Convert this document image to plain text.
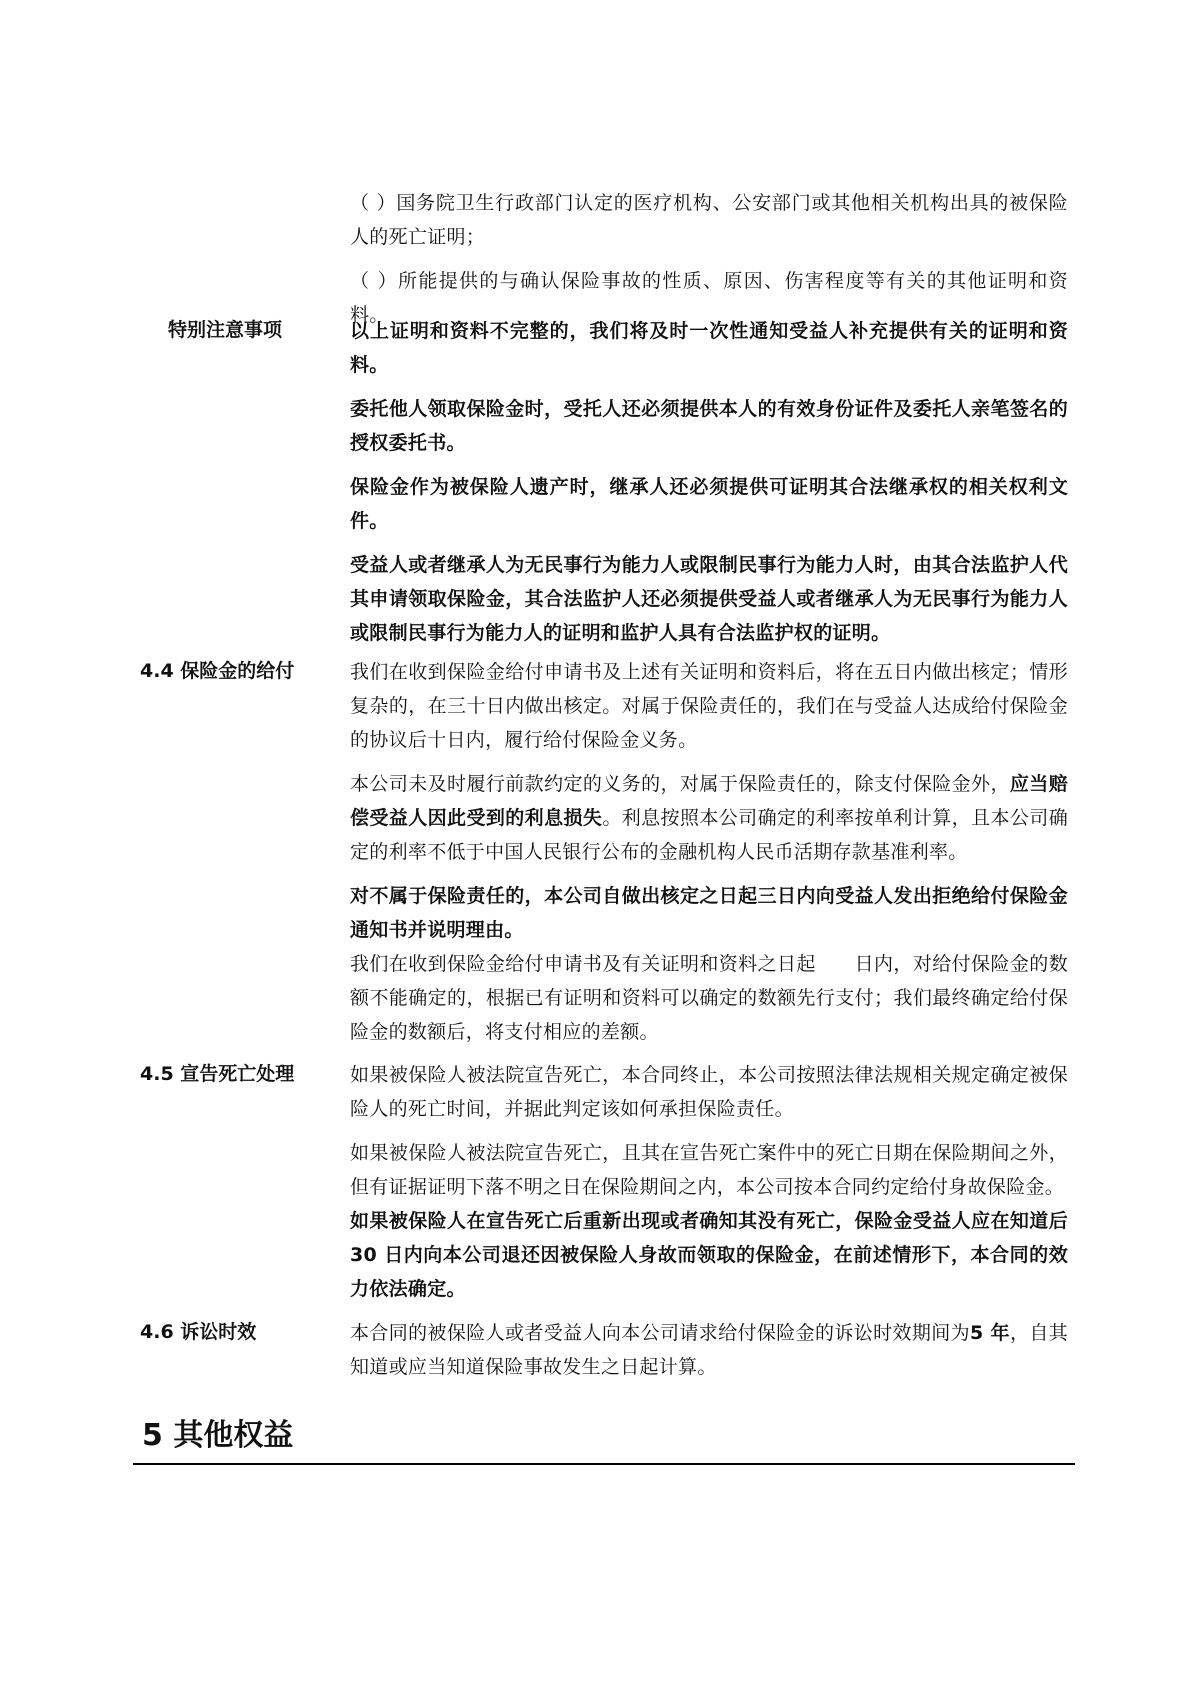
（ ）国务院卫生行政部门认定的医疗机构、公安部门或其他相关机构出具的被保险人的死亡证明；

（ ）所能提供的与确认保险事故的性质、原因、伤害程度等有关的其他证明和资料。

特别注意事项	以上证明和资料不完整的，我们将及时一次性通知受益人补充提供有关的证明和资料。

委托他人领取保险金时，受托人还必须提供本人的有效身份证件及委托人亲笔签名的授权委托书。

保险金作为被保险人遗产时，继承人还必须提供可证明其合法继承权的相关权利文件。

受益人或者继承人为无民事行为能力人或限制民事行为能力人时，由其合法监护人代其申请领取保险金，其合法监护人还必须提供受益人或者继承人为无民事行为能力人或限制民事行为能力人的证明和监护人具有合法监护权的证明。

4.4 保险金的给付	我们在收到保险金给付申请书及上述有关证明和资料后，将在五日内做出核定；情形复杂的，在三十日内做出核定。对属于保险责任的，我们在与受益人达成给付保险金的协议后十日内，履行给付保险金义务。

本公司未及时履行前款约定的义务的，对属于保险责任的，除支付保险金外，应当赔偿受益人因此受到的利息损失。利息按照本公司确定的利率按单利计算，且本公司确定的利率不低于中国人民银行公布的金融机构人民币活期存款基准利率。

对不属于保险责任的，本公司自做出核定之日起三日内向受益人发出拒绝给付保险金通知书并说明理由。

我们在收到保险金给付申请书及有关证明和资料之日起　　日内，对给付保险金的数额不能确定的，根据已有证明和资料可以确定的数额先行支付；我们最终确定给付保险金的数额后，将支付相应的差额。

4.5 宣告死亡处理	如果被保险人被法院宣告死亡，本合同终止，本公司按照法律法规相关规定确定被保险人的死亡时间，并据此判定该如何承担保险责任。

如果被保险人被法院宣告死亡，且其在宣告死亡案件中的死亡日期在保险期间之外，但有证据证明下落不明之日在保险期间之内，本公司按本合同约定给付身故保险金。

如果被保险人在宣告死亡后重新出现或者确知其没有死亡，保险金受益人应在知道后 30 日内向本公司退还因被保险人身故而领取的保险金，在前述情形下，本合同的效力依法确定。

4.6 诉讼时效	本合同的被保险人或者受益人向本公司请求给付保险金的诉讼时效期间为5 年，自其知道或应当知道保险事故发生之日起计算。

5 其他权益
